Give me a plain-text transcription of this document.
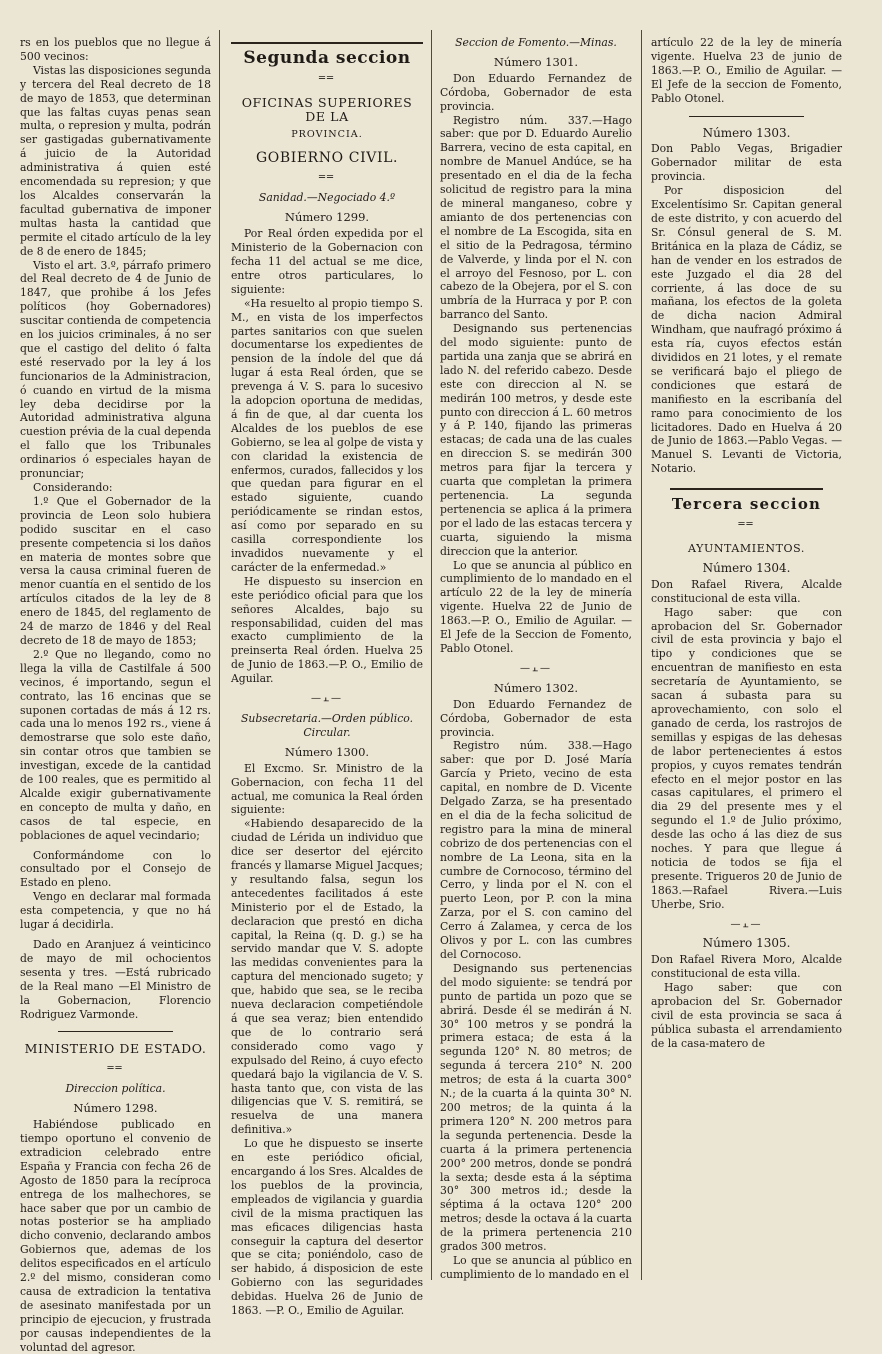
rs en los pueblos que no llegue á 500 vecinos:

Vistas las disposiciones segunda y tercera del Real decreto de 18 de mayo de 1853, que determinan que las faltas cuyas penas sean multa, o represion y multa, podrán ser gastigadas gubernativamente á juicio de la Autoridad administrativa á quien esté encomendada su represion; y que los Alcaldes conservarán la facultad gubernativa de imponer multas hasta la cantidad que permite el citado artículo de la ley de 8 de enero de 1845;

Visto el art. 3.º, párrafo primero del Real decreto de 4 de Junio de 1847, que prohibe á los Jefes políticos (hoy Gobernadores) suscitar contienda de competencia en los juicios criminales, á no ser que el castigo del delito ó falta esté reservado por la ley á los funcionarios de la Administracion, ó cuando en virtud de la misma ley deba decidirse por la Autoridad administrativa alguna cuestion prévia de la cual dependa el fallo que los Tribunales ordinarios ó especiales hayan de pronunciar;

Considerando:

1.º Que el Gobernador de la provincia de Leon solo hubiera podido suscitar en el caso presente competencia si los daños en materia de montes sobre que versa la causa criminal fueren de menor cuantía en el sentido de los artículos citados de la ley de 8 enero de 1845, del reglamento de 24 de marzo de 1846 y del Real decreto de 18 de mayo de 1853;

2.º Que no llegando, como no llega la villa de Castilfale á 500 vecinos, é importando, segun el contrato, las 16 encinas que se suponen cortadas de más á 12 rs. cada una lo menos 192 rs., viene á demostrarse que solo este daño, sin contar otros que tambien se investigan, excede de la cantidad de 100 reales, que es permitido al Alcalde exigir gubernativamente en concepto de multa y daño, en casos de tal especie, en poblaciones de aquel vecindario;

Conformándome con lo consultado por el Consejo de Estado en pleno.

Vengo en declarar mal formada esta competencia, y que no há lugar á decidirla.

Dado en Aranjuez á veinticinco de mayo de mil ochocientos sesenta y tres. —Está rubricado de la Real mano —El Ministro de la Gobernacion, Florencio Rodriguez Varmonde.

MINISTERIO DE ESTADO.
══
Direccion política.
Número 1298.

Habiéndose publicado en tiempo oportuno el convenio de extradicion celebrado entre España y Francia con fecha 26 de Agosto de 1850 para la recíproca entrega de los malhechores, se hace saber que por un cambio de notas posterior se ha ampliado dicho convenio, declarando ambos Gobiernos que, ademas de los delitos especificados en el artículo 2.º del mismo, consideran como causa de extradicion la tentativa de asesinato manifestada por un principio de ejecucion, y frustrada por causas independientes de la voluntad del agresor.

Segunda seccion
══
OFICINAS SUPERIORES DE LA
PROVINCIA.
GOBIERNO CIVIL.
══
Sanidad.—Negociado 4.º
Número 1299.

Por Real órden expedida por el Ministerio de la Gobernacion con fecha 11 del actual se me dice, entre otros particulares, lo siguiente:

«Ha resuelto al propio tiempo S. M., en vista de los imperfectos partes sanitarios con que suelen documentarse los expedientes de pension de la índole del que dá lugar á esta Real órden, que se prevenga á V. S. para lo sucesivo la adopcion oportuna de medidas, á fin de que, al dar cuenta los Alcaldes de los pueblos de ese Gobierno, se lea al golpe de vista y con claridad la existencia de enfermos, curados, fallecidos y los que quedan para figurar en el estado siguiente, cuando periódicamente se rindan estos, así como por separado en su casilla correspondiente los invadidos nuevamente y el carácter de la enfermedad.»

He dispuesto su insercion en este periódico oficial para que los señores Alcaldes, bajo su responsabilidad, cuiden del mas exacto cumplimiento de la preinserta Real órden. Huelva 25 de Junio de 1863.—P. O., Emilio de Aguilar.

—⫠—
Subsecretaria.—Orden público. Circular.
Número 1300.

El Excmo. Sr. Ministro de la Gobernacion, con fecha 11 del actual, me comunica la Real órden siguiente:

«Habiendo desaparecido de la ciudad de Lérida un individuo que dice ser desertor del ejército francés y llamarse Miguel Jacques; y resultando falsa, segun los antecedentes facilitados á este Ministerio por el de Estado, la declaracion que prestó en dicha capital, la Reina (q. D. g.) se ha servido mandar que V. S. adopte las medidas convenientes para la captura del mencionado sugeto; y que, habido que sea, se le reciba nueva declaracion competiéndole á que sea veraz; bien entendido que de lo contrario será considerado como vago y expulsado del Reino, á cuyo efecto quedará bajo la vigilancia de V. S. hasta tanto que, con vista de las diligencias que V. S. remitirá, se resuelva de una manera definitiva.»

Lo que he dispuesto se inserte en este periódico oficial, encargando á los Sres. Alcaldes de los pueblos de la provincia, empleados de vigilancia y guardia civil de la misma practiquen las mas eficaces diligencias hasta conseguir la captura del desertor que se cita; poniéndolo, caso de ser habido, á disposicion de este Gobierno con las seguridades debidas. Huelva 26 de Junio de 1863. —P. O., Emilio de Aguilar.

Seccion de Fomento.—Minas.
Número 1301.

Don Eduardo Fernandez de Córdoba, Gobernador de esta provincia.

Registro núm. 337.—Hago saber: que por D. Eduardo Aurelio Barrera, vecino de esta capital, en nombre de Manuel Andúce, se ha presentado en el dia de la fecha solicitud de registro para la mina de mineral manganeso, cobre y amianto de dos pertenencias con el nombre de La Escogida, sita en el sitio de la Pedragosa, término de Valverde, y linda por el N. con el arroyo del Fesnoso, por L. con cabezo de la Obejera, por el S. con umbría de la Hurraca y por P. con barranco del Santo.

Designando sus pertenencias del modo siguiente: punto de partida una zanja que se abrirá en lado N. del referido cabezo. Desde este con direccion al N. se medirán 100 metros, y desde este punto con direccion á L. 60 metros y á P. 140, fijando las primeras estacas; de cada una de las cuales en direccion S. se medirán 300 metros para fijar la tercera y cuarta que completan la primera pertenencia. La segunda pertenencia se aplica á la primera por el lado de las estacas tercera y cuarta, siguiendo la misma direccion que la anterior.

Lo que se anuncia al público en cumplimiento de lo mandado en el artículo 22 de la ley de minería vigente. Huelva 22 de Junio de 1863.—P. O., Emilio de Aguilar. —El Jefe de la Seccion de Fomento, Pablo Otonel.

—⫠—
Número 1302.

Don Eduardo Fernandez de Córdoba, Gobernador de esta provincia.

Registro núm. 338.—Hago saber: que por D. José María García y Prieto, vecino de esta capital, en nombre de D. Vicente Delgado Zarza, se ha presentado en el dia de la fecha solicitud de registro para la mina de mineral cobrizo de dos pertenencias con el nombre de La Leona, sita en la cumbre de Cornocoso, término del Cerro, y linda por el N. con el puerto Leon, por P. con la mina Zarza, por el S. con camino del Cerro á Zalamea, y cerca de los Olivos y por L. con las cumbres del Cornocoso.

Designando sus pertenencias del modo siguiente: se tendrá por punto de partida un pozo que se abrirá. Desde él se medirán á N. 30° 100 metros y se pondrá la primera estaca; de esta á la segunda 120° N. 80 metros; de segunda á tercera 210° N. 200 metros; de esta á la cuarta 300° N.; de la cuarta á la quinta 30° N. 200 metros; de la quinta á la primera 120° N. 200 metros para la segunda pertenencia. Desde la cuarta á la primera pertenencia 200° 200 metros, donde se pondrá la sexta; desde esta á la séptima 30° 300 metros id.; desde la séptima á la octava 120° 200 metros; desde la octava á la cuarta de la primera pertenencia 210 grados 300 metros.

Lo que se anuncia al público en cumplimiento de lo mandado en el

artículo 22 de la ley de minería vigente. Huelva 23 de junio de 1863.—P. O., Emilio de Aguilar. —El Jefe de la seccion de Fomento, Pablo Otonel.

Número 1303.

Don Pablo Vegas, Brigadier Gobernador militar de esta provincia.

Por disposicion del Excelentísimo Sr. Capitan general de este distrito, y con acuerdo del Sr. Cónsul general de S. M. Británica en la plaza de Cádiz, se han de vender en los estrados de este Juzgado el dia 28 del corriente, á las doce de su mañana, los efectos de la goleta de dicha nacion Admiral Windham, que naufragó próximo á esta ría, cuyos efectos están divididos en 21 lotes, y el remate se verificará bajo el pliego de condiciones que estará de manifiesto en la escribanía del ramo para conocimiento de los licitadores. Dado en Huelva á 20 de Junio de 1863.—Pablo Vegas. —Manuel S. Levanti de Victoria, Notario.

Tercera seccion
══
AYUNTAMIENTOS.
Número 1304.

Don Rafael Rivera, Alcalde constitucional de esta villa.

Hago saber: que con aprobacion del Sr. Gobernador civil de esta provincia y bajo el tipo y condiciones que se encuentran de manifiesto en esta secretaría de Ayuntamiento, se sacan á subasta para su aprovechamiento, con solo el ganado de cerda, los rastrojos de semillas y espigas de las dehesas de labor pertenecientes á estos propios, y cuyos remates tendrán efecto en el mejor postor en las casas capitulares, el primero el dia 29 del presente mes y el segundo el 1.º de Julio próximo, desde las ocho á las diez de sus noches. Y para que llegue á noticia de todos se fija el presente. Trigueros 20 de Junio de 1863.—Rafael Rivera.—Luis Uherbe, Srio.

—⫠—
Número 1305.

Don Rafael Rivera Moro, Alcalde constitucional de esta villa.

Hago saber: que con aprobacion del Sr. Gobernador civil de esta provincia se saca á pública subasta el arrendamiento de la casa-matero de
